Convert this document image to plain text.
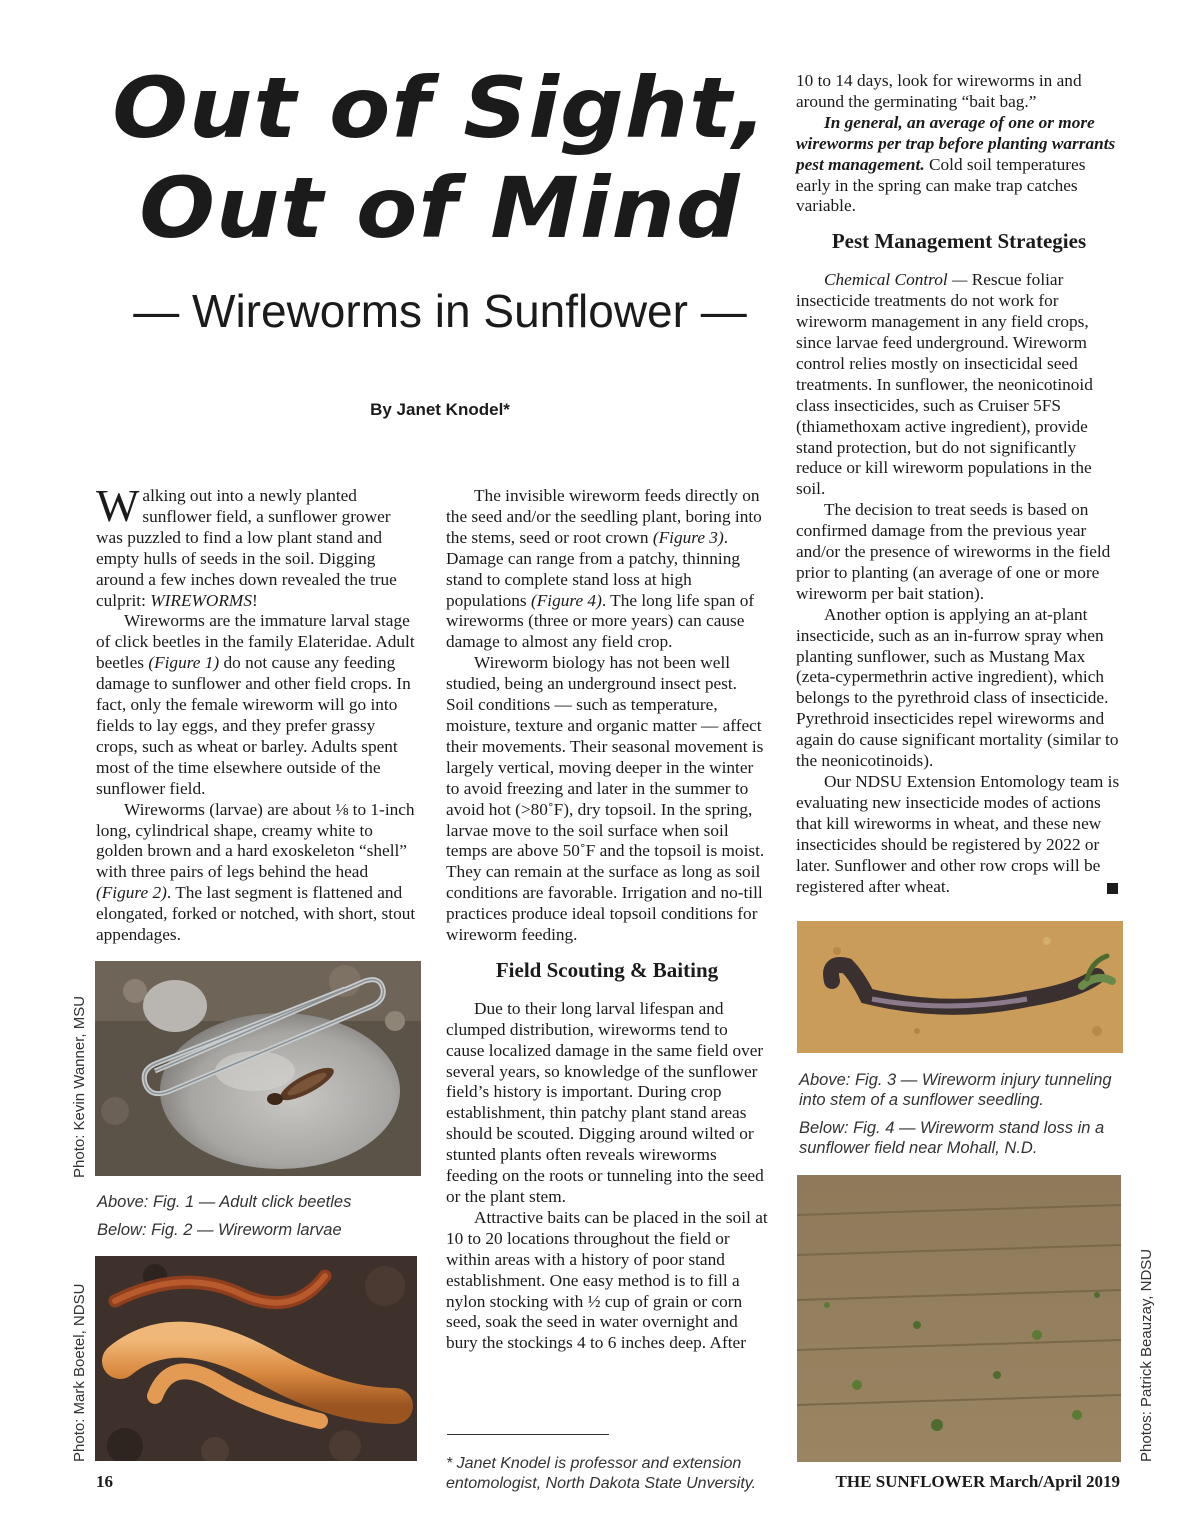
Out of Sight,
Out of Mind
— Wireworms in Sunflower —
By Janet Knodel*

Walking out into a newly planted sunflower field, a sunflower grower was puzzled to find a low plant stand and empty hulls of seeds in the soil. Digging around a few inches down revealed the true culprit: WIREWORMS!

Wireworms are the immature larval stage of click beetles in the family Elateridae. Adult beetles (Figure 1) do not cause any feeding damage to sunflower and other field crops. In fact, only the female wireworm will go into fields to lay eggs, and they prefer grassy crops, such as wheat or barley. Adults spent most of the time elsewhere outside of the sunflower field.

Wireworms (larvae) are about ⅛ to 1-inch long, cylindrical shape, creamy white to golden brown and a hard exoskeleton “shell” with three pairs of legs behind the head (Figure 2). The last segment is flattened and elongated, forked or notched, with short, stout appendages.

Photo: Kevin Wanner, MSU
Above: Fig. 1 — Adult click beetles
Below: Fig. 2 — Wireworm larvae
Photo: Mark Boetel, NDSU

The invisible wireworm feeds directly on the seed and/or the seedling plant, boring into the stems, seed or root crown (Figure 3). Damage can range from a patchy, thinning stand to complete stand loss at high populations (Figure 4). The long life span of wireworms (three or more years) can cause damage to almost any field crop.

Wireworm biology has not been well studied, being an underground insect pest. Soil conditions — such as temperature, moisture, texture and organic matter — affect their movements. Their seasonal movement is largely vertical, moving deeper in the winter to avoid freezing and later in the summer to avoid hot (>80˚F), dry topsoil. In the spring, larvae move to the soil surface when soil temps are above 50˚F and the topsoil is moist. They can remain at the surface as long as soil conditions are favorable. Irrigation and no-till practices produce ideal topsoil conditions for wireworm feeding.

Field Scouting & Baiting

Due to their long larval lifespan and clumped distribution, wireworms tend to cause localized damage in the same field over several years, so knowledge of the sunflower field’s history is important. During crop establishment, thin patchy plant stand areas should be scouted. Digging around wilted or stunted plants often reveals wireworms feeding on the roots or tunneling into the seed or the plant stem.

Attractive baits can be placed in the soil at 10 to 20 locations throughout the field or within areas with a history of poor stand establishment. One easy method is to fill a nylon stocking with ½ cup of grain or corn seed, soak the seed in water overnight and bury the stockings 4 to 6 inches deep. After

* Janet Knodel is professor and extension entomologist, North Dakota State Unversity.

10 to 14 days, look for wireworms in and around the germinating “bait bag.”

In general, an average of one or more wireworms per trap before planting warrants pest management. Cold soil temperatures early in the spring can make trap catches variable.

Pest Management Strategies

Chemical Control — Rescue foliar insecticide treatments do not work for wireworm management in any field crops, since larvae feed underground. Wireworm control relies mostly on insecticidal seed treatments. In sunflower, the neonicotinoid class insecticides, such as Cruiser 5FS (thiamethoxam active ingredient), provide stand protection, but do not significantly reduce or kill wireworm populations in the soil.

The decision to treat seeds is based on confirmed damage from the previous year and/or the presence of wireworms in the field prior to planting (an average of one or more wireworm per bait station).

Another option is applying an at-plant insecticide, such as an in-furrow spray when planting sunflower, such as Mustang Max (zeta-cypermethrin active ingredient), which belongs to the pyrethroid class of insecticide. Pyrethroid insecticides repel wireworms and again do cause significant mortality (similar to the neonicotinoids).

Our NDSU Extension Entomology team is evaluating new insecticide modes of actions that kill wireworms in wheat, and these new insecticides should be registered by 2022 or later. Sunflower and other row crops will be registered after wheat.

Above: Fig. 3 — Wireworm injury tunneling into stem of a sunflower seedling.
Below: Fig. 4 — Wireworm stand loss in a sunflower field near Mohall, N.D.
Photos: Patrick Beauzay, NDSU
16	THE SUNFLOWER March/April 2019
